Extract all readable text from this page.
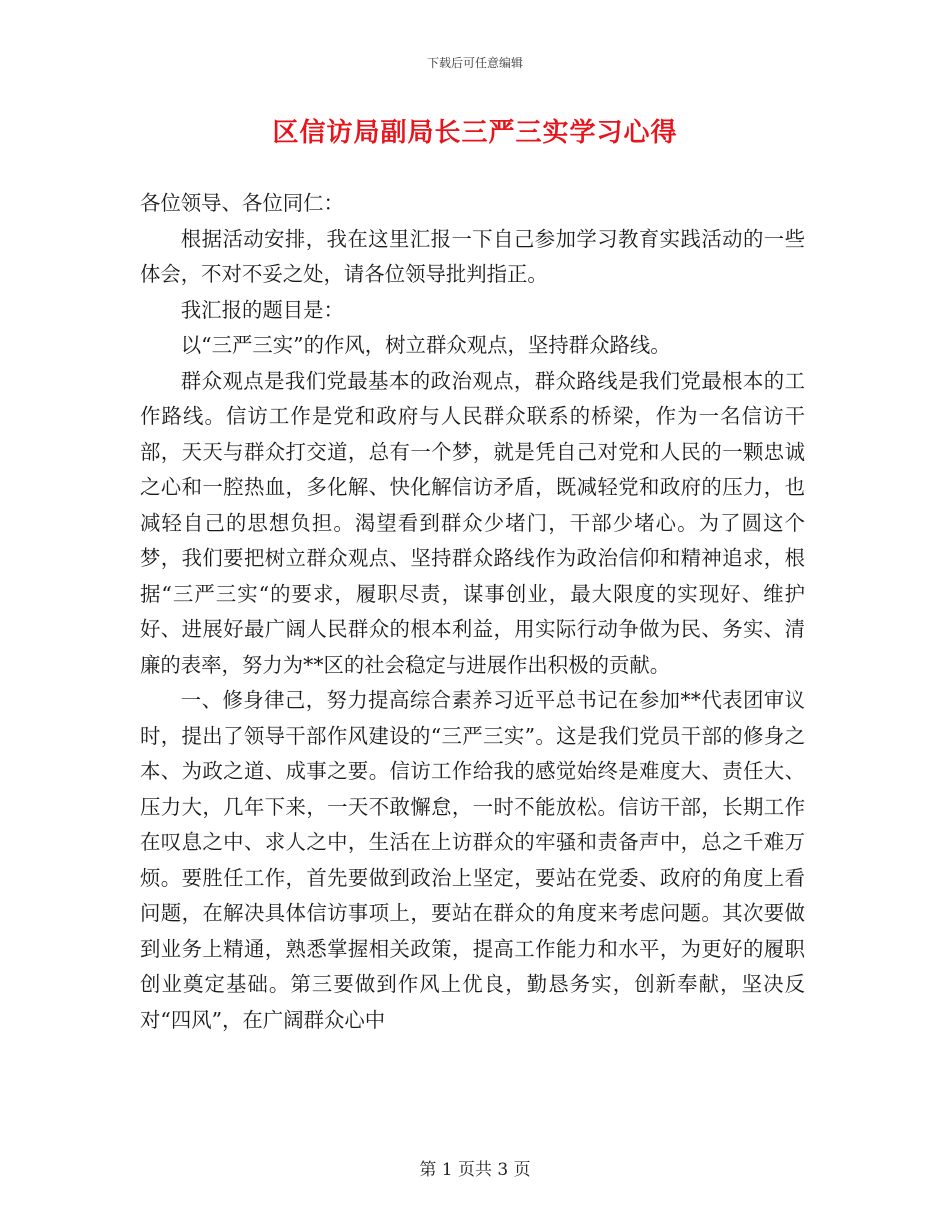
下载后可任意编辑
区信访局副局长三严三实学习心得

各位领导、各位同仁：

根据活动安排，我在这里汇报一下自己参加学习教育实践活动的一些体会，不对不妥之处，请各位领导批判指正。

我汇报的题目是：

以“三严三实”的作风，树立群众观点，坚持群众路线。

群众观点是我们党最基本的政治观点，群众路线是我们党最根本的工作路线。信访工作是党和政府与人民群众联系的桥梁，作为一名信访干部，天天与群众打交道，总有一个梦，就是凭自己对党和人民的一颗忠诚之心和一腔热血，多化解、快化解信访矛盾，既减轻党和政府的压力，也减轻自己的思想负担。渴望看到群众少堵门，干部少堵心。为了圆这个梦，我们要把树立群众观点、坚持群众路线作为政治信仰和精神追求，根据“三严三实“的要求，履职尽责，谋事创业，最大限度的实现好、维护好、进展好最广阔人民群众的根本利益，用实际行动争做为民、务实、清廉的表率，努力为**区的社会稳定与进展作出积极的贡献。

一、修身律己，努力提高综合素养习近平总书记在参加**代表团审议时，提出了领导干部作风建设的“三严三实”。这是我们党员干部的修身之本、为政之道、成事之要。信访工作给我的感觉始终是难度大、责任大、压力大，几年下来，一天不敢懈怠，一时不能放松。信访干部，长期工作在叹息之中、求人之中，生活在上访群众的牢骚和责备声中，总之千难万烦。要胜任工作，首先要做到政治上坚定，要站在党委、政府的角度上看问题，在解决具体信访事项上，要站在群众的角度来考虑问题。其次要做到业务上精通，熟悉掌握相关政策，提高工作能力和水平，为更好的履职创业奠定基础。第三要做到作风上优良，勤恳务实，创新奉献，坚决反对“四风”，在广阔群众心中

第 1 页共 3 页
